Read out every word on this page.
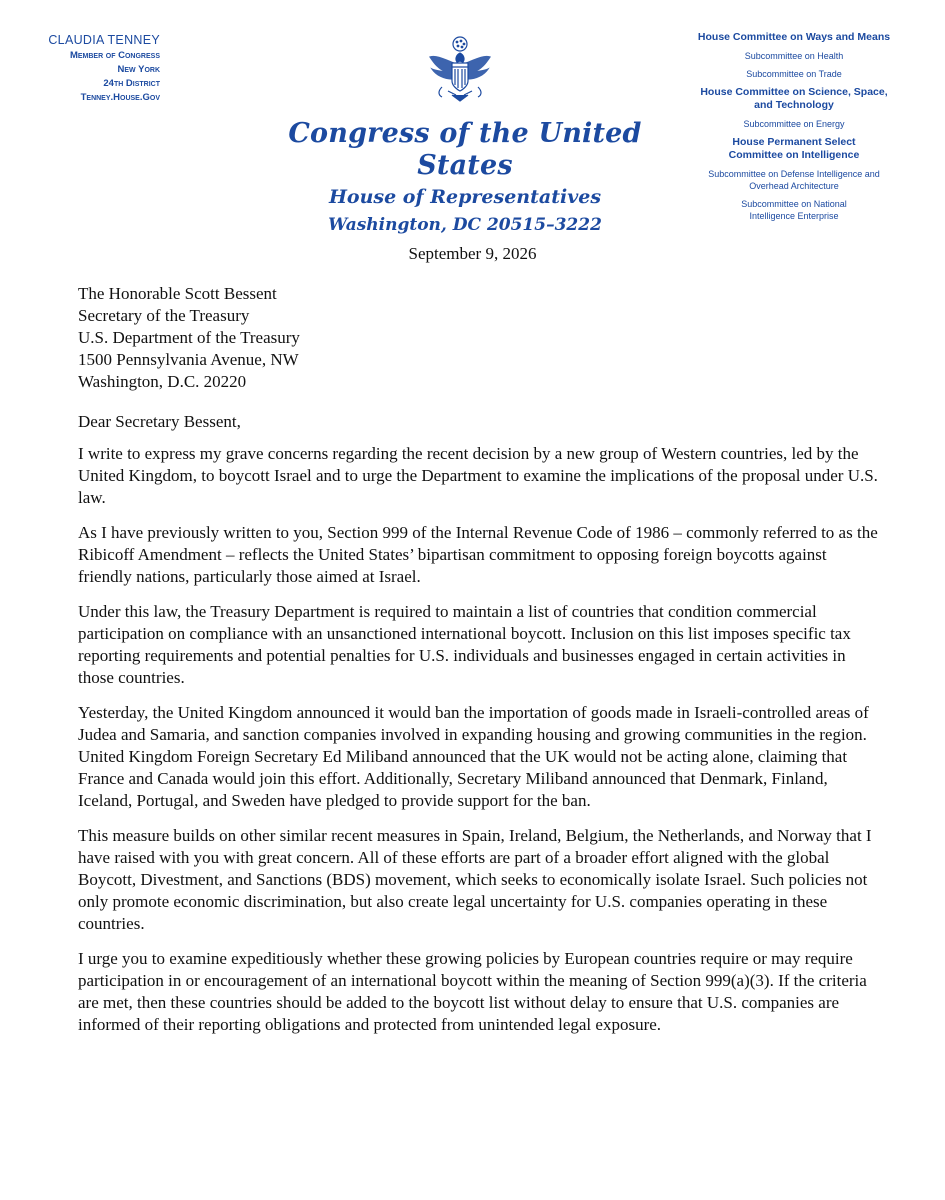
CLAUDIA TENNEY
Member of Congress
New York
24th District
Tenney.House.Gov
Congress of the United States
House of Representatives
Washington, DC 20515–3222
House Committee on Ways and Means
Subcommittee on Health
Subcommittee on Trade
House Committee on Science, Space, and Technology
Subcommittee on Energy
House Permanent Select Committee on Intelligence
Subcommittee on Defense Intelligence and Overhead Architecture
Subcommittee on National Intelligence Enterprise
September 9, 2026
The Honorable Scott Bessent
Secretary of the Treasury
U.S. Department of the Treasury
1500 Pennsylvania Avenue, NW
Washington, D.C. 20220
Dear Secretary Bessent,

I write to express my grave concerns regarding the recent decision by a new group of Western countries, led by the United Kingdom, to boycott Israel and to urge the Department to examine the implications of the proposal under U.S. law.

As I have previously written to you, Section 999 of the Internal Revenue Code of 1986 – commonly referred to as the Ribicoff Amendment – reflects the United States’ bipartisan commitment to opposing foreign boycotts against friendly nations, particularly those aimed at Israel.

Under this law, the Treasury Department is required to maintain a list of countries that condition commercial participation on compliance with an unsanctioned international boycott. Inclusion on this list imposes specific tax reporting requirements and potential penalties for U.S. individuals and businesses engaged in certain activities in those countries.

Yesterday, the United Kingdom announced it would ban the importation of goods made in Israeli-controlled areas of Judea and Samaria, and sanction companies involved in expanding housing and growing communities in the region. United Kingdom Foreign Secretary Ed Miliband announced that the UK would not be acting alone, claiming that France and Canada would join this effort. Additionally, Secretary Miliband announced that Denmark, Finland, Iceland, Portugal, and Sweden have pledged to provide support for the ban.

This measure builds on other similar recent measures in Spain, Ireland, Belgium, the Netherlands, and Norway that I have raised with you with great concern. All of these efforts are part of a broader effort aligned with the global Boycott, Divestment, and Sanctions (BDS) movement, which seeks to economically isolate Israel. Such policies not only promote economic discrimination, but also create legal uncertainty for U.S. companies operating in these countries.

I urge you to examine expeditiously whether these growing policies by European countries require or may require participation in or encouragement of an international boycott within the meaning of Section 999(a)(3). If the criteria are met, then these countries should be added to the boycott list without delay to ensure that U.S. companies are informed of their reporting obligations and protected from unintended legal exposure.
